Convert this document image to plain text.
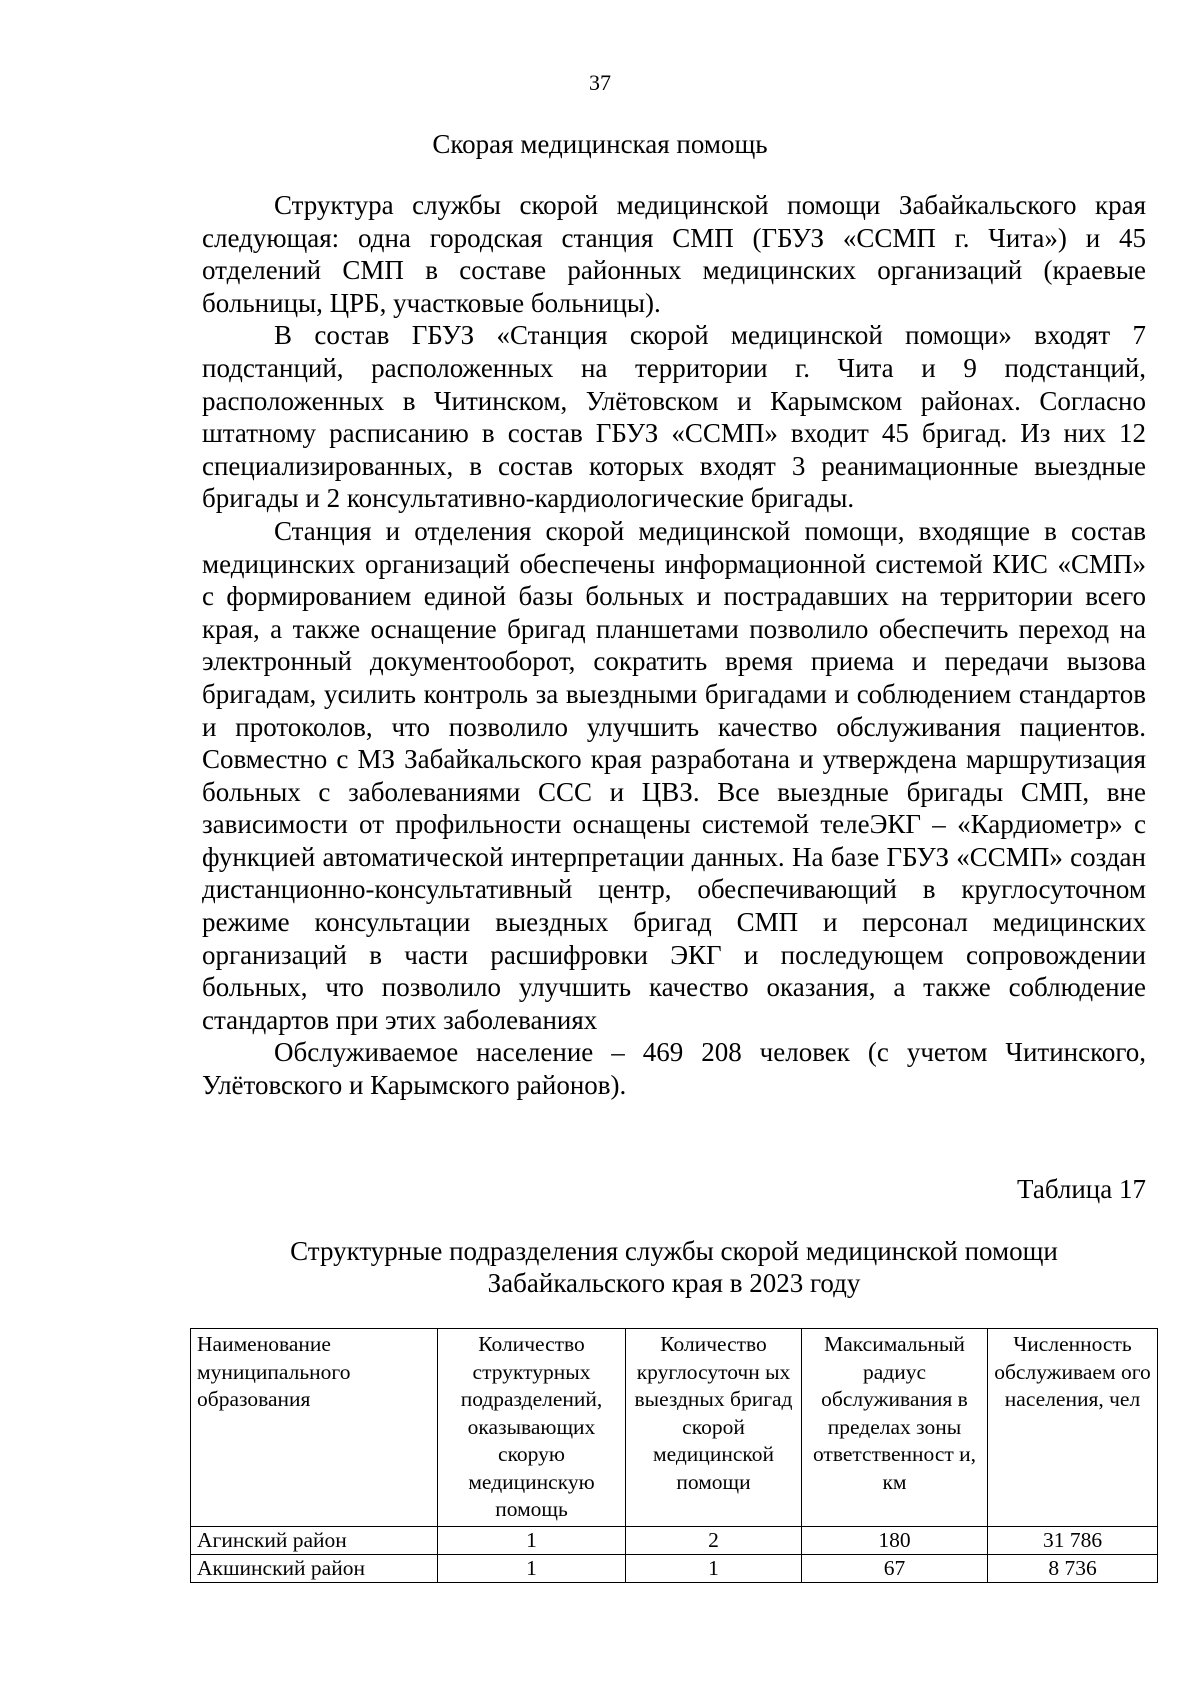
37
Скорая медицинская помощь

Структура службы скорой медицинской помощи Забайкальского края следующая: одна городская станция СМП (ГБУЗ «ССМП г. Чита») и 45 отделений СМП в составе районных медицинских организаций (краевые больницы, ЦРБ, участковые больницы).

В состав ГБУЗ «Станция скорой медицинской помощи» входят 7 подстанций, расположенных на территории г. Чита и 9 подстанций, расположенных в Читинском, Улётовском и Карымском районах. Согласно штатному расписанию в состав ГБУЗ «ССМП» входит 45 бригад. Из них 12 специализированных, в состав которых входят 3 реанимационные выездные бригады и 2 консультативно-кардиологические бригады.

Станция и отделения скорой медицинской помощи, входящие в состав медицинских организаций обеспечены информационной системой КИС «СМП» с формированием единой базы больных и пострадавших на территории всего края, а также оснащение бригад планшетами позволило обеспечить переход на электронный документооборот, сократить время приема и передачи вызова бригадам, усилить контроль за выездными бригадами и соблюдением стандартов и протоколов, что позволило улучшить качество обслуживания пациентов. Совместно с МЗ Забайкальского края разработана и утверждена маршрутизация больных с заболеваниями ССС и ЦВЗ. Все выездные бригады СМП, вне зависимости от профильности оснащены системой телеЭКГ – «Кардиометр» с функцией автоматической интерпретации данных. На базе ГБУЗ «ССМП» создан дистанционно-консультативный центр, обеспечивающий в круглосуточном режиме консультации выездных бригад СМП и персонал медицинских организаций в части расшифровки ЭКГ и последующем сопровождении больных, что позволило улучшить качество оказания, а также соблюдение стандартов при этих заболеваниях

Обслуживаемое население – 469 208 человек (с учетом Читинского, Улётовского и Карымского районов).

Таблица 17
Структурные подразделения службы скорой медицинской помощи
Забайкальского края в 2023 году
Наименование муниципального образования	Количество структурных подразделений, оказывающих скорую медицинскую помощь	Количество круглосуточн ых выездных бригад скорой медицинской помощи	Максимальный радиус обслуживания в пределах зоны ответственност и, км	Численность обслуживаем ого населения, чел
Агинский район	1	2	180	31 786
Акшинский район	1	1	67	8 736
